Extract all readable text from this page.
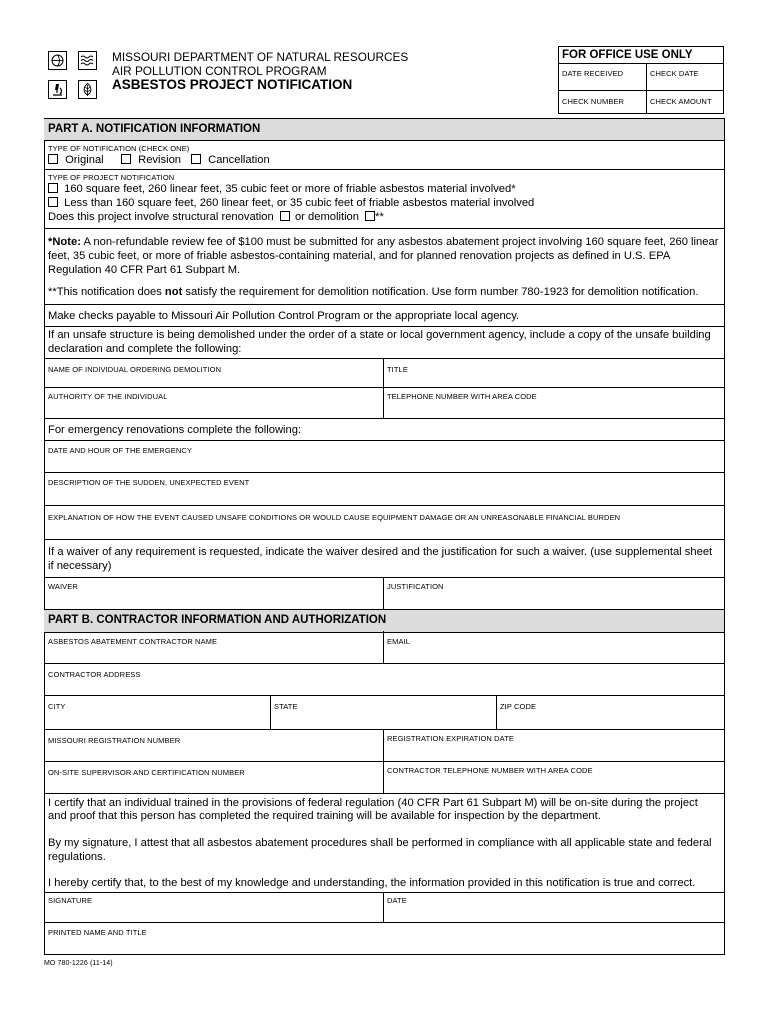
MISSOURI DEPARTMENT OF NATURAL RESOURCES
AIR POLLUTION CONTROL PROGRAM
ASBESTOS PROJECT NOTIFICATION
FOR OFFICE USE ONLY
DATE RECEIVED	CHECK DATE
CHECK NUMBER	CHECK AMOUNT
PART A. NOTIFICATION INFORMATION
TYPE OF NOTIFICATION (CHECK ONE)
Original	Revision	Cancellation
TYPE OF PROJECT NOTIFICATION
160 square feet, 260 linear feet, 35 cubic feet or more of friable asbestos material involved*
Less than 160 square feet, 260 linear feet, or 35 cubic feet of friable asbestos material involved
Does this project involve structural renovation or demolition **
*Note: A non-refundable review fee of $100 must be submitted for any asbestos abatement project involving 160 square feet, 260 linear
feet, 35 cubic feet, or more of friable asbestos-containing material, and for planned renovation projects as defined in U.S. EPA
Regulation 40 CFR Part 61 Subpart M.
**This notification does not satisfy the requirement for demolition notification. Use form number 780-1923 for demolition notification.
Make checks payable to Missouri Air Pollution Control Program or the appropriate local agency.
If an unsafe structure is being demolished under the order of a state or local government agency, include a copy of the unsafe building
declaration and complete the following:
NAME OF INDIVIDUAL ORDERING DEMOLITION	TITLE
AUTHORITY OF THE INDIVIDUAL	TELEPHONE NUMBER WITH AREA CODE
For emergency renovations complete the following:
DATE AND HOUR OF THE EMERGENCY
DESCRIPTION OF THE SUDDEN, UNEXPECTED EVENT
EXPLANATION OF HOW THE EVENT CAUSED UNSAFE CONDITIONS OR WOULD CAUSE EQUIPMENT DAMAGE OR AN UNREASONABLE FINANCIAL BURDEN
If a waiver of any requirement is requested, indicate the waiver desired and the justification for such a waiver. (use supplemental sheet
if necessary)
WAIVER	JUSTIFICATION
PART B. CONTRACTOR INFORMATION AND AUTHORIZATION
ASBESTOS ABATEMENT CONTRACTOR NAME	EMAIL
CONTRACTOR ADDRESS
CITY	STATE	ZIP CODE
MISSOURI REGISTRATION NUMBER	REGISTRATION EXPIRATION DATE
ON-SITE SUPERVISOR AND CERTIFICATION NUMBER	CONTRACTOR TELEPHONE NUMBER WITH AREA CODE
I certify that an individual trained in the provisions of federal regulation (40 CFR Part 61 Subpart M) will be on-site during the project
and proof that this person has completed the required training will be available for inspection by the department.
By my signature, I attest that all asbestos abatement procedures shall be performed in compliance with all applicable state and federal
regulations.
I hereby certify that, to the best of my knowledge and understanding, the information provided in this notification is true and correct.
SIGNATURE	DATE
PRINTED NAME AND TITLE
MO 780-1226 (11-14)
